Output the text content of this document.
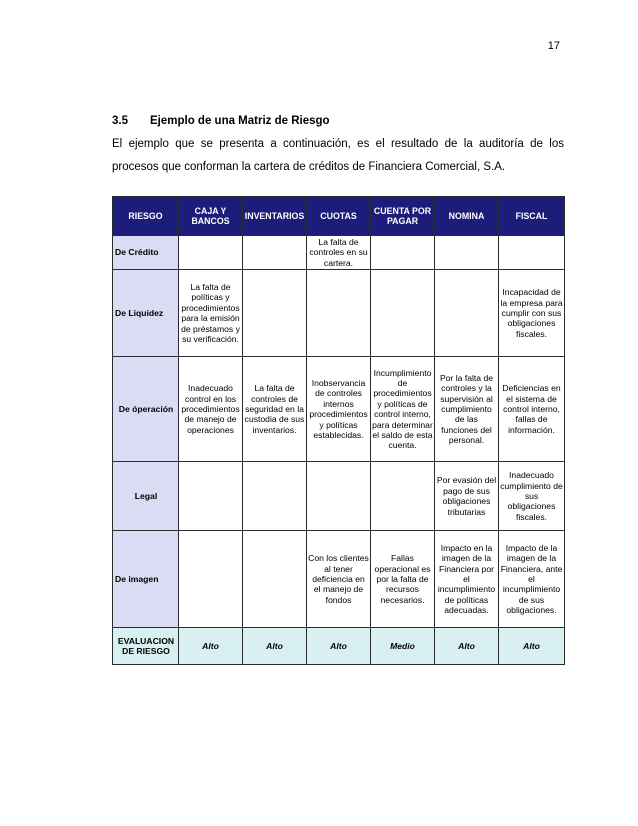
17
3.5 Ejemplo de una Matriz de Riesgo
El ejemplo que se presenta a continuación, es el resultado de la auditoría de los procesos que conforman la cartera de créditos de Financiera Comercial, S.A.
RIESGO	CAJA Y BANCOS	INVENTARIOS	CUOTAS	CUENTA POR PAGAR	NOMINA	FISCAL
De Crédito			La falta de controles en su cartera.			
De Liquidez	La falta de políticas y procedimientos para la emisión de préstamos y su verificación.					Incapacidad de la empresa para cumplir con sus obligaciones fiscales.
De óperación	Inadecuado control en los procedimientos de manejo de operaciones	La falta de controles de seguridad en la custodia de sus inventarios.	Inobservancia de controles internos procedimientos y políticas establecidas.	Incumplimiento de procedimientos y políticas de control interno, para determinar el saldo de esta cuenta.	Por la falta de controles y la supervisión al cumplimiento de las funciones del personal.	Deficiencias en el sistema de control interno, fallas de información.
Legal					Por evasión del pago de sus obligaciones tributarias	Inadecuado cumplimiento de sus obligaciones fiscales.
De imagen			Con los clientes al tener deficiencia en el manejo de fondos	Fallas operacional es por la falta de recursos necesarios.	Impacto en la imagen de la Financiera por el incumplimiento de políticas adecuadas.	Impacto de la imagen de la Financiera, ante el incumplimiento de sus obligaciones.
EVALUACION DE RIESGO	Alto	Alto	Alto	Medio	Alto	Alto
